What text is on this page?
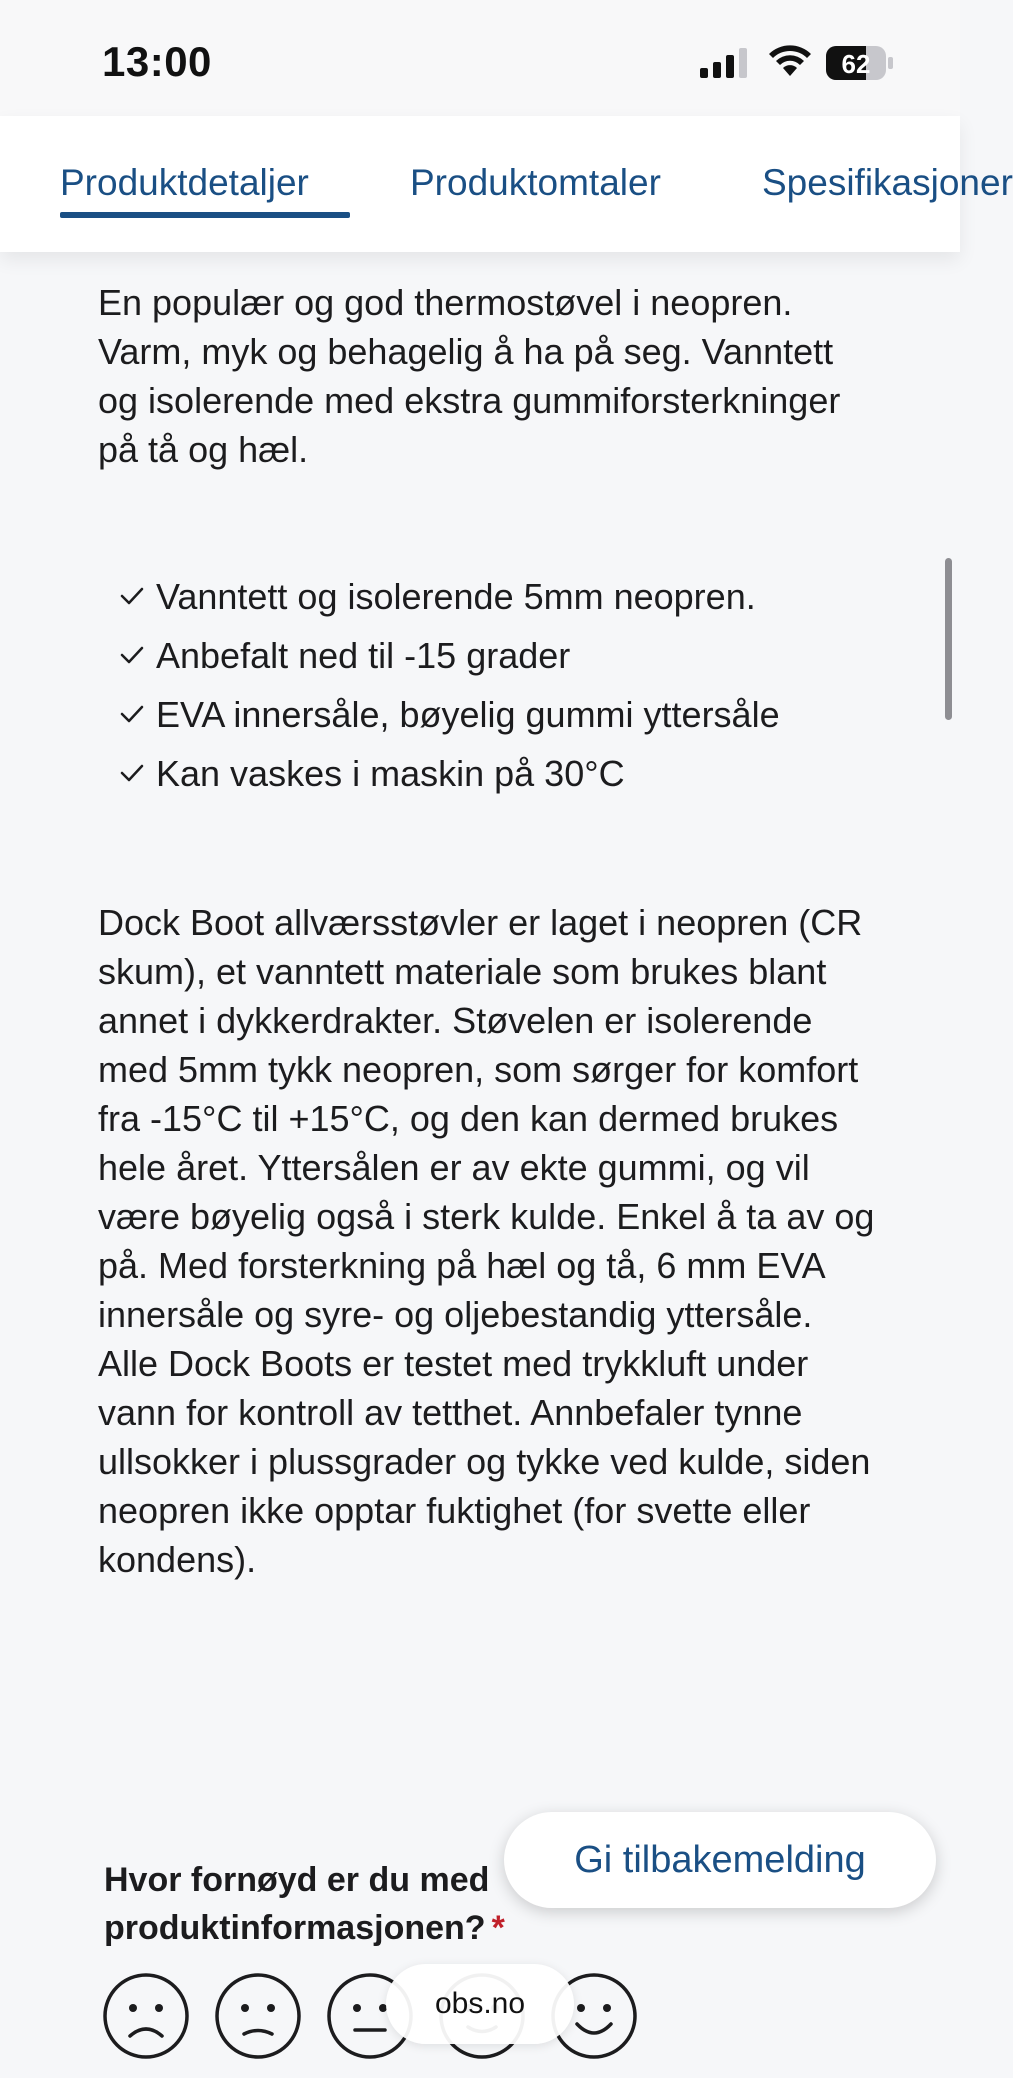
13:00	62
Produktdetaljer	Produktomtaler	Spesifikasjoner

En populær og god thermostøvel i neopren. Varm, myk og behagelig å ha på seg. Vanntett og isolerende med ekstra gummiforsterkninger på tå og hæl.

Vanntett og isolerende 5mm neopren.
Anbefalt ned til -15 grader
EVA innersåle, bøyelig gummi yttersåle
Kan vaskes i maskin på 30°C

Dock Boot allværsstøvler er laget i neopren (CR skum), et vanntett materiale som brukes blant annet i dykkerdrakter. Støvelen er isolerende med 5mm tykk neopren, som sørger for komfort fra -15°C til +15°C, og den kan dermed brukes hele året. Yttersålen er av ekte gummi, og vil være bøyelig også i sterk kulde. Enkel å ta av og på. Med forsterkning på hæl og tå, 6 mm EVA innersåle og syre- og oljebestandig yttersåle. Alle Dock Boots er testet med trykkluft under vann for kontroll av tetthet. Annbefaler tynne ullsokker i plussgrader og tykke ved kulde, siden neopren ikke opptar fuktighet (for svette eller kondens).

Hvor fornøyd er du med produktinformasjonen? *
Gi tilbakemelding
obs.no
